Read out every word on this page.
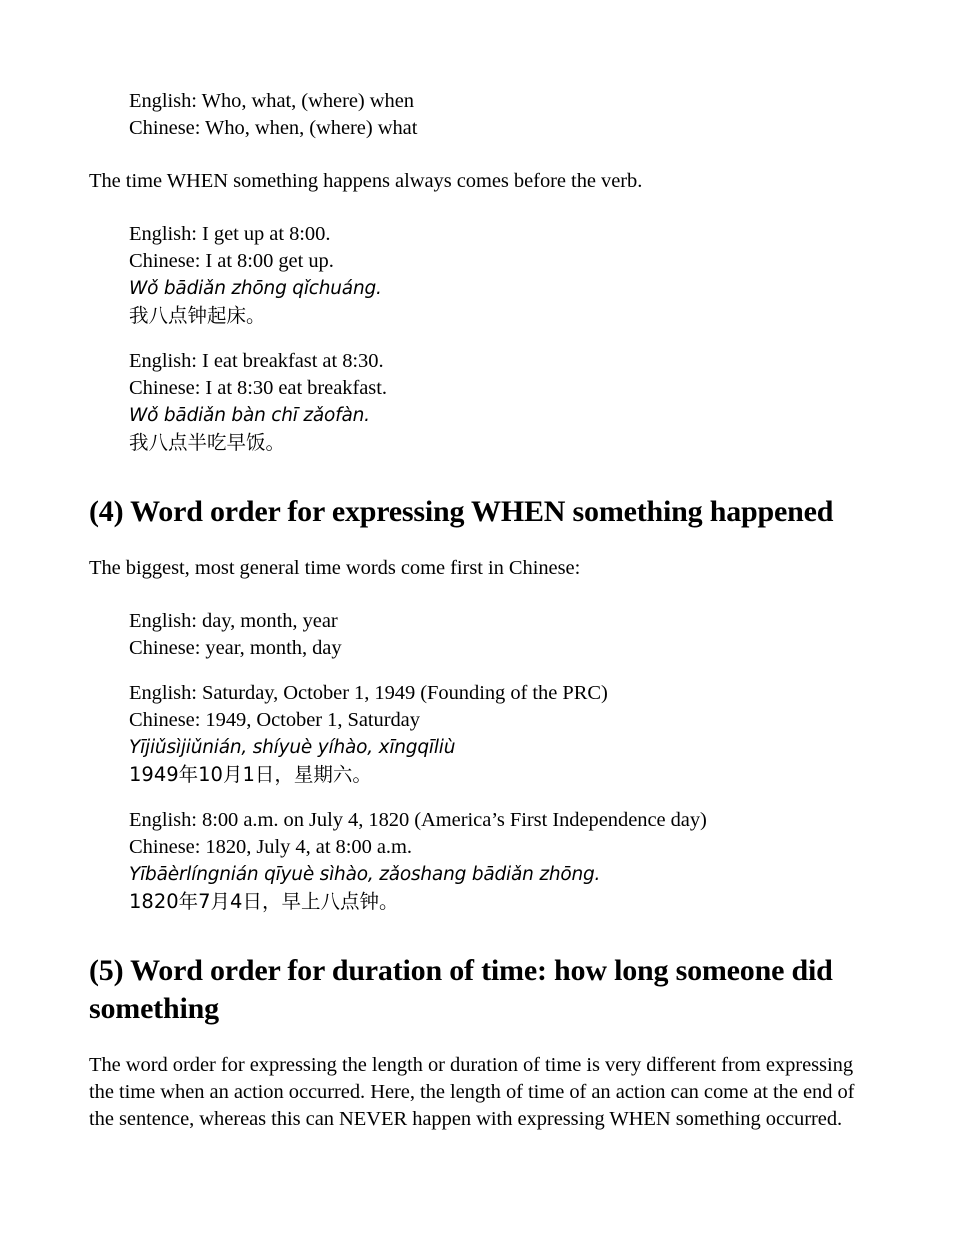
English: Who, what, (where) when
Chinese: Who, when, (where) what

The time WHEN something happens always comes before the verb.

English: I get up at 8:00.
Chinese: I at 8:00 get up.
Wǒ bādiǎn zhōng qǐchuáng.
我八点钟起床。
English: I eat breakfast at 8:30.
Chinese: I at 8:30 eat breakfast.
Wǒ bādiǎn bàn chī zǎofàn.
我八点半吃早饭。
(4) Word order for expressing WHEN something happened

The biggest, most general time words come first in Chinese:

English: day, month, year
Chinese: year, month, day
English: Saturday, October 1, 1949 (Founding of the PRC)
Chinese: 1949, October 1, Saturday
Yījiǔsìjiǔnián, shíyuè yíhào, xīngqīliù
1949年10月1日，星期六。
English: 8:00 a.m. on July 4, 1820 (America’s First Independence day)
Chinese: 1820, July 4, at 8:00 a.m.
Yībāèrlíngnián qīyuè sìhào, zǎoshang bādiǎn zhōng.
1820年7月4日，早上八点钟。
(5) Word order for duration of time: how long someone did something

The word order for expressing the length or duration of time is very different from expressing the time when an action occurred. Here, the length of time of an action can come at the end of the sentence, whereas this can NEVER happen with expressing WHEN something occurred.
